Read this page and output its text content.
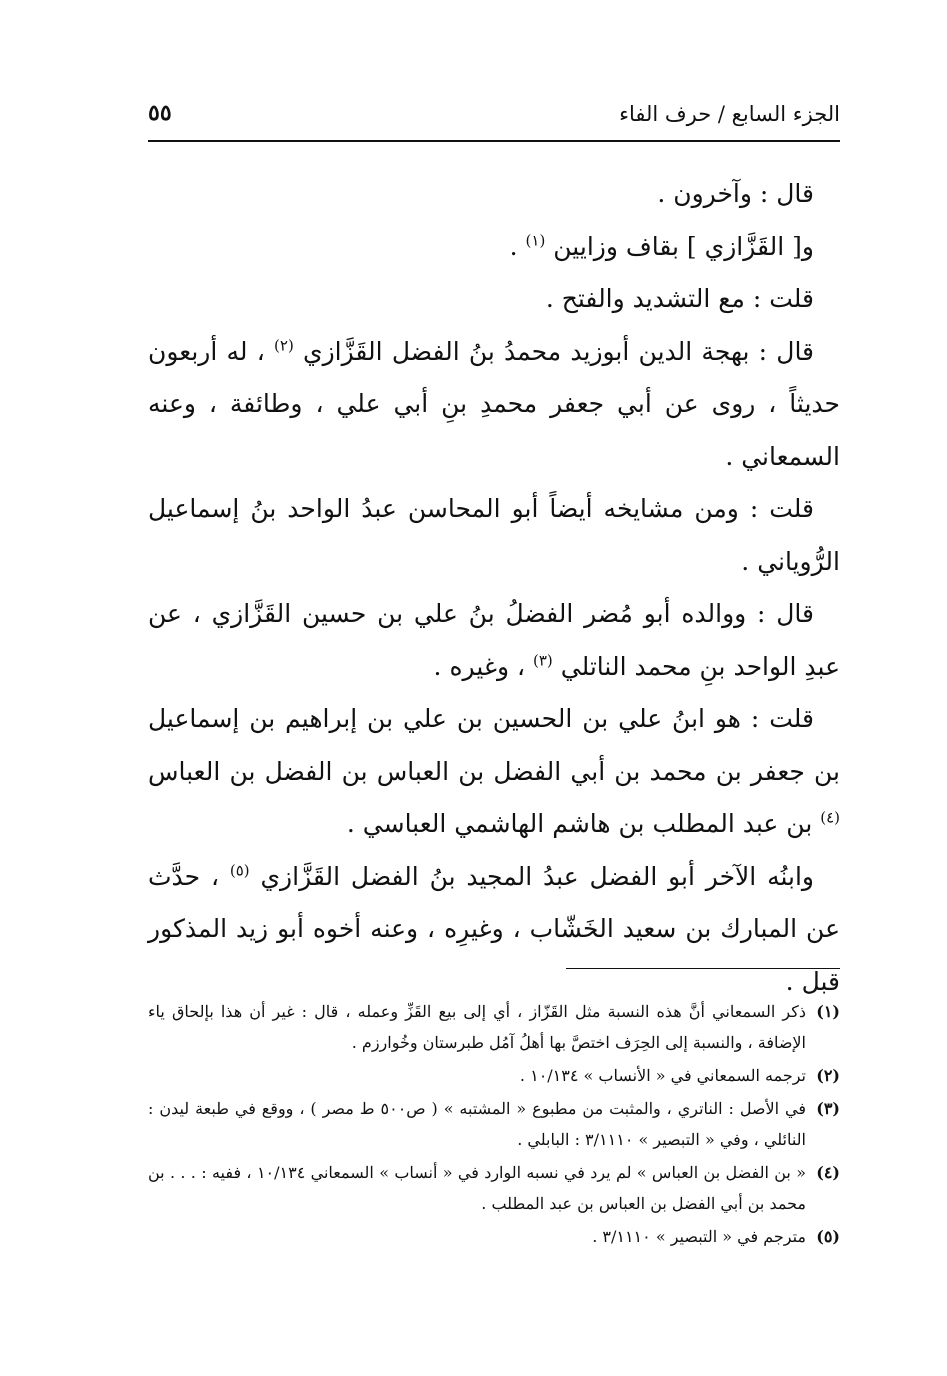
الجزء السابع / حرف الفاء
٥٥

قال : وآخرون .

و[ القَزَّازي ] بقاف وزايين $^{(١)}$ .

قلت : مع التشديد والفتح .

قال : بهجة الدين أبوزيد محمدُ بنُ الفضل القَزَّازي $^{(٢)}$ ، له أربعون حديثاً ، روى عن أبي جعفر محمدِ بنِ أبي علي ، وطائفة ، وعنه السمعاني .

قلت : ومن مشايخه أيضاً أبو المحاسن عبدُ الواحد بنُ إسماعيل الرُّوياني .

قال : ووالده أبو مُضر الفضلُ بنُ علي بن حسين القَزَّازي ، عن عبدِ الواحد بنِ محمد الناتلي $^{(٣)}$ ، وغيره .

قلت : هو ابنُ علي بن الحسين بن علي بن إبراهيم بن إسماعيل بن جعفر بن محمد بن أبي الفضل بن العباس بن الفضل بن العباس $^{(٤)}$ بن عبد المطلب بن هاشم الهاشمي العباسي .

وابنُه الآخر أبو الفضل عبدُ المجيد بنُ الفضل القَزَّازي $^{(٥)}$ ، حدَّث عن المبارك بن سعيد الخَشّاب ، وغيرِه ، وعنه أخوه أبو زيد المذكور قبل .

(١)ذكر السمعاني أنَّ هذه النسبة مثل القَزّاز ، أي إلى بيع القَزِّ وعمله ، قال : غير أن هذا بإلحاق ياء الإضافة ، والنسبة إلى الحِرَف اختصَّ بها أهلُ آمُل طبرستان وخُوارزم .

(٢)ترجمه السمعاني في « الأنساب » ١٠/١٣٤ .

(٣)في الأصل : الناتري ، والمثبت من مطبوع « المشتبه » ( ص٥٠٠ ط مصر ) ، ووقع في طبعة ليدن : النائلي ، وفي « التبصير » ٣/١١١٠ : البابلي .

(٤)« بن الفضل بن العباس » لم يرد في نسبه الوارد في « أنساب » السمعاني ١٠/١٣٤ ، ففيه : . . . بن محمد بن أبي الفضل بن العباس بن عبد المطلب .

(٥)مترجم في « التبصير » ٣/١١١٠ .
